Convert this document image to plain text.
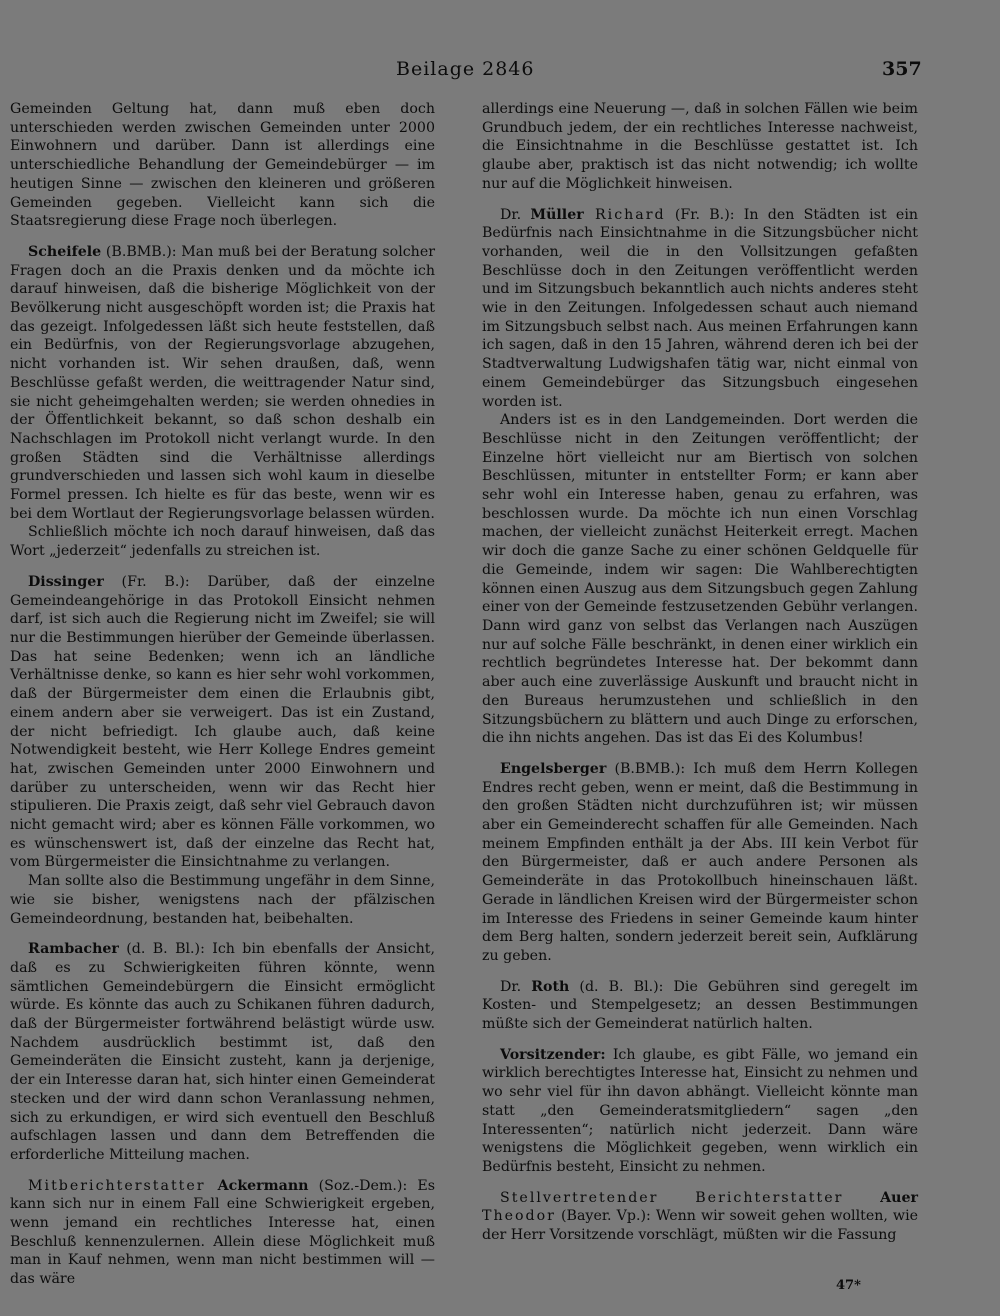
Beilage 2846	357

Gemeinden Geltung hat, dann muß eben doch unterschieden werden zwischen Gemeinden unter 2000 Einwohnern und darüber. Dann ist allerdings eine unterschiedliche Behandlung der Gemeindebürger — im heutigen Sinne — zwischen den kleineren und größeren Gemeinden gegeben. Vielleicht kann sich die Staatsregierung diese Frage noch überlegen.

Scheifele (B.BMB.): Man muß bei der Beratung solcher Fragen doch an die Praxis denken und da möchte ich darauf hinweisen, daß die bisherige Möglichkeit von der Bevölkerung nicht ausgeschöpft worden ist; die Praxis hat das gezeigt. Infolgedessen läßt sich heute feststellen, daß ein Bedürfnis, von der Regierungsvorlage abzugehen, nicht vorhanden ist. Wir sehen draußen, daß, wenn Beschlüsse gefaßt werden, die weittragender Natur sind, sie nicht geheimgehalten werden; sie werden ohnedies in der Öffentlichkeit bekannt, so daß schon deshalb ein Nachschlagen im Protokoll nicht verlangt wurde. In den großen Städten sind die Verhältnisse allerdings grundverschieden und lassen sich wohl kaum in dieselbe Formel pressen. Ich hielte es für das beste, wenn wir es bei dem Wortlaut der Regierungsvorlage belassen würden.

Schließlich möchte ich noch darauf hinweisen, daß das Wort „jederzeit“ jedenfalls zu streichen ist.

Dissinger (Fr. B.): Darüber, daß der einzelne Gemeindeangehörige in das Protokoll Einsicht nehmen darf, ist sich auch die Regierung nicht im Zweifel; sie will nur die Bestimmungen hierüber der Gemeinde überlassen. Das hat seine Bedenken; wenn ich an ländliche Verhältnisse denke, so kann es hier sehr wohl vorkommen, daß der Bürgermeister dem einen die Erlaubnis gibt, einem andern aber sie verweigert. Das ist ein Zustand, der nicht befriedigt. Ich glaube auch, daß keine Notwendigkeit besteht, wie Herr Kollege Endres gemeint hat, zwischen Gemeinden unter 2000 Einwohnern und darüber zu unterscheiden, wenn wir das Recht hier stipulieren. Die Praxis zeigt, daß sehr viel Gebrauch davon nicht gemacht wird; aber es können Fälle vorkommen, wo es wünschenswert ist, daß der einzelne das Recht hat, vom Bürgermeister die Einsichtnahme zu verlangen.

Man sollte also die Bestimmung ungefähr in dem Sinne, wie sie bisher, wenigstens nach der pfälzischen Gemeindeordnung, bestanden hat, beibehalten.

Rambacher (d. B. Bl.): Ich bin ebenfalls der Ansicht, daß es zu Schwierigkeiten führen könnte, wenn sämtlichen Gemeindebürgern die Einsicht ermöglicht würde. Es könnte das auch zu Schikanen führen dadurch, daß der Bürgermeister fortwährend belästigt würde usw. Nachdem ausdrücklich bestimmt ist, daß den Gemeinderäten die Einsicht zusteht, kann ja derjenige, der ein Interesse daran hat, sich hinter einen Gemeinderat stecken und der wird dann schon Veranlassung nehmen, sich zu erkundigen, er wird sich eventuell den Beschluß aufschlagen lassen und dann dem Betreffenden die erforderliche Mitteilung machen.

Mitberichterstatter Ackermann (Soz.-Dem.): Es kann sich nur in einem Fall eine Schwierigkeit ergeben, wenn jemand ein rechtliches Interesse hat, einen Beschluß kennenzulernen. Allein diese Möglichkeit muß man in Kauf nehmen, wenn man nicht bestimmen will — das wäre

allerdings eine Neuerung —, daß in solchen Fällen wie beim Grundbuch jedem, der ein rechtliches Interesse nachweist, die Einsichtnahme in die Beschlüsse gestattet ist. Ich glaube aber, praktisch ist das nicht notwendig; ich wollte nur auf die Möglichkeit hinweisen.

Dr. Müller Richard (Fr. B.): In den Städten ist ein Bedürfnis nach Einsichtnahme in die Sitzungsbücher nicht vorhanden, weil die in den Vollsitzungen gefaßten Beschlüsse doch in den Zeitungen veröffentlicht werden und im Sitzungsbuch bekanntlich auch nichts anderes steht wie in den Zeitungen. Infolgedessen schaut auch niemand im Sitzungsbuch selbst nach. Aus meinen Erfahrungen kann ich sagen, daß in den 15 Jahren, während deren ich bei der Stadtverwaltung Ludwigshafen tätig war, nicht einmal von einem Gemeindebürger das Sitzungsbuch eingesehen worden ist.

Anders ist es in den Landgemeinden. Dort werden die Beschlüsse nicht in den Zeitungen veröffentlicht; der Einzelne hört vielleicht nur am Biertisch von solchen Beschlüssen, mitunter in entstellter Form; er kann aber sehr wohl ein Interesse haben, genau zu erfahren, was beschlossen wurde. Da möchte ich nun einen Vorschlag machen, der vielleicht zunächst Heiterkeit erregt. Machen wir doch die ganze Sache zu einer schönen Geldquelle für die Gemeinde, indem wir sagen: Die Wahlberechtigten können einen Auszug aus dem Sitzungsbuch gegen Zahlung einer von der Gemeinde festzusetzenden Gebühr verlangen. Dann wird ganz von selbst das Verlangen nach Auszügen nur auf solche Fälle beschränkt, in denen einer wirklich ein rechtlich begründetes Interesse hat. Der bekommt dann aber auch eine zuverlässige Auskunft und braucht nicht in den Bureaus herumzustehen und schließlich in den Sitzungsbüchern zu blättern und auch Dinge zu erforschen, die ihn nichts angehen. Das ist das Ei des Kolumbus!

Engelsberger (B.BMB.): Ich muß dem Herrn Kollegen Endres recht geben, wenn er meint, daß die Bestimmung in den großen Städten nicht durchzuführen ist; wir müssen aber ein Gemeinderecht schaffen für alle Gemeinden. Nach meinem Empfinden enthält ja der Abs. III kein Verbot für den Bürgermeister, daß er auch andere Personen als Gemeinderäte in das Protokollbuch hineinschauen läßt. Gerade in ländlichen Kreisen wird der Bürgermeister schon im Interesse des Friedens in seiner Gemeinde kaum hinter dem Berg halten, sondern jederzeit bereit sein, Aufklärung zu geben.

Dr. Roth (d. B. Bl.): Die Gebühren sind geregelt im Kosten- und Stempelgesetz; an dessen Bestimmungen müßte sich der Gemeinderat natürlich halten.

Vorsitzender: Ich glaube, es gibt Fälle, wo jemand ein wirklich berechtigtes Interesse hat, Einsicht zu nehmen und wo sehr viel für ihn davon abhängt. Vielleicht könnte man statt „den Gemeinderatsmitgliedern“ sagen „den Interessenten“; natürlich nicht jederzeit. Dann wäre wenigstens die Möglichkeit gegeben, wenn wirklich ein Bedürfnis besteht, Einsicht zu nehmen.

Stellvertretender Berichterstatter Auer Theodor (Bayer. Vp.): Wenn wir soweit gehen wollten, wie der Herr Vorsitzende vorschlägt, müßten wir die Fassung

47*
